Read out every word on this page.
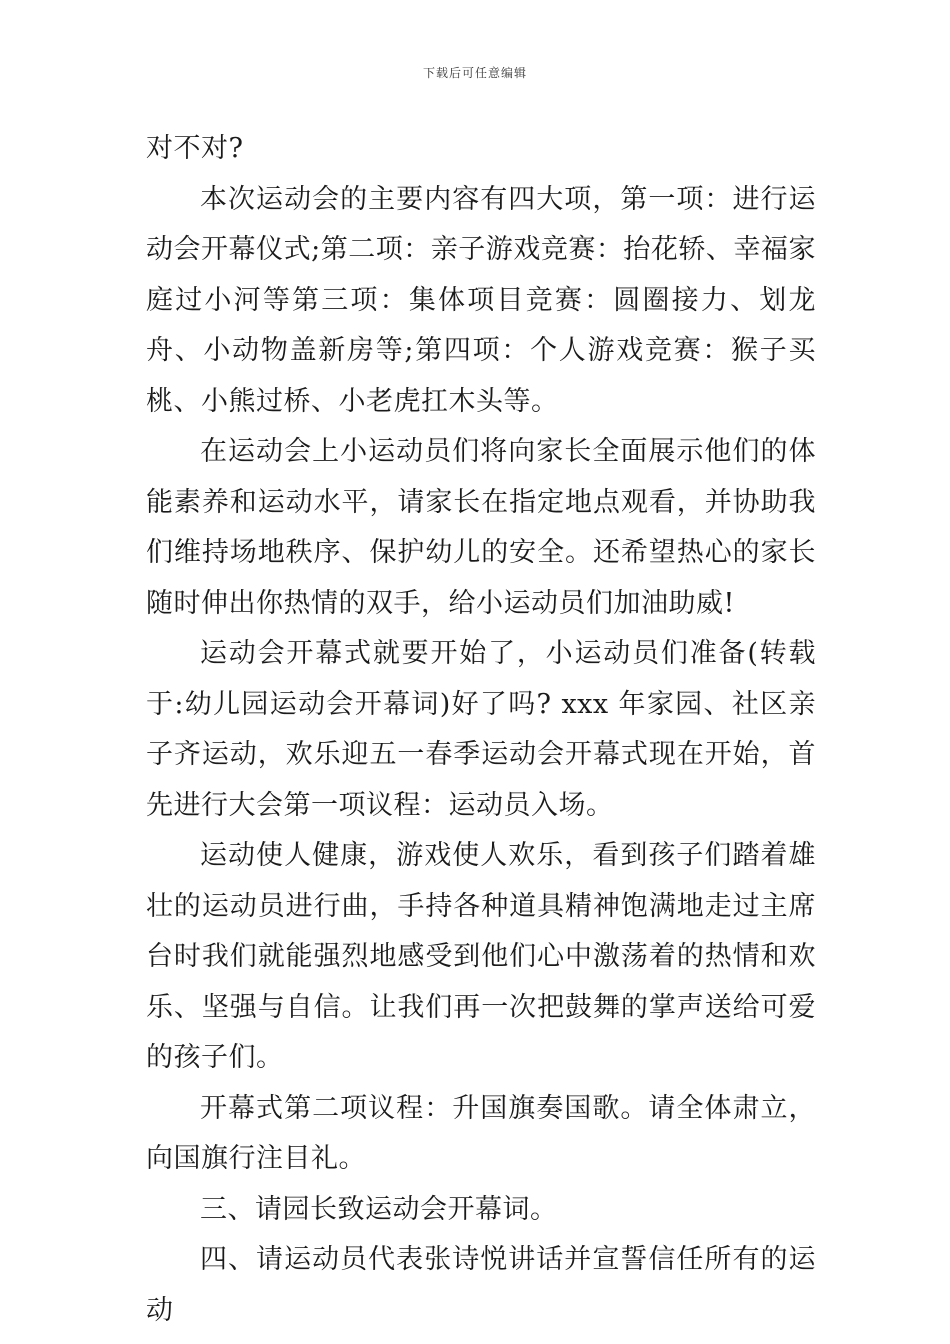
下载后可任意编辑

对不对?

本次运动会的主要内容有四大项，第一项：进行运动会开幕仪式;第二项：亲子游戏竞赛：抬花轿、幸福家庭过小河等第三项：集体项目竞赛：圆圈接力、划龙舟、小动物盖新房等;第四项：个人游戏竞赛：猴子买桃、小熊过桥、小老虎扛木头等。

在运动会上小运动员们将向家长全面展示他们的体能素养和运动水平，请家长在指定地点观看，并协助我们维持场地秩序、保护幼儿的安全。还希望热心的家长随时伸出你热情的双手，给小运动员们加油助威!

运动会开幕式就要开始了，小运动员们准备(转载于:幼儿园运动会开幕词)好了吗? xxx 年家园、社区亲子齐运动，欢乐迎五一春季运动会开幕式现在开始，首先进行大会第一项议程：运动员入场。

运动使人健康，游戏使人欢乐，看到孩子们踏着雄壮的运动员进行曲，手持各种道具精神饱满地走过主席台时我们就能强烈地感受到他们心中激荡着的热情和欢乐、坚强与自信。让我们再一次把鼓舞的掌声送给可爱的孩子们。

开幕式第二项议程：升国旗奏国歌。请全体肃立，向国旗行注目礼。

三、请园长致运动会开幕词。

四、请运动员代表张诗悦讲话并宣誓信任所有的运动
